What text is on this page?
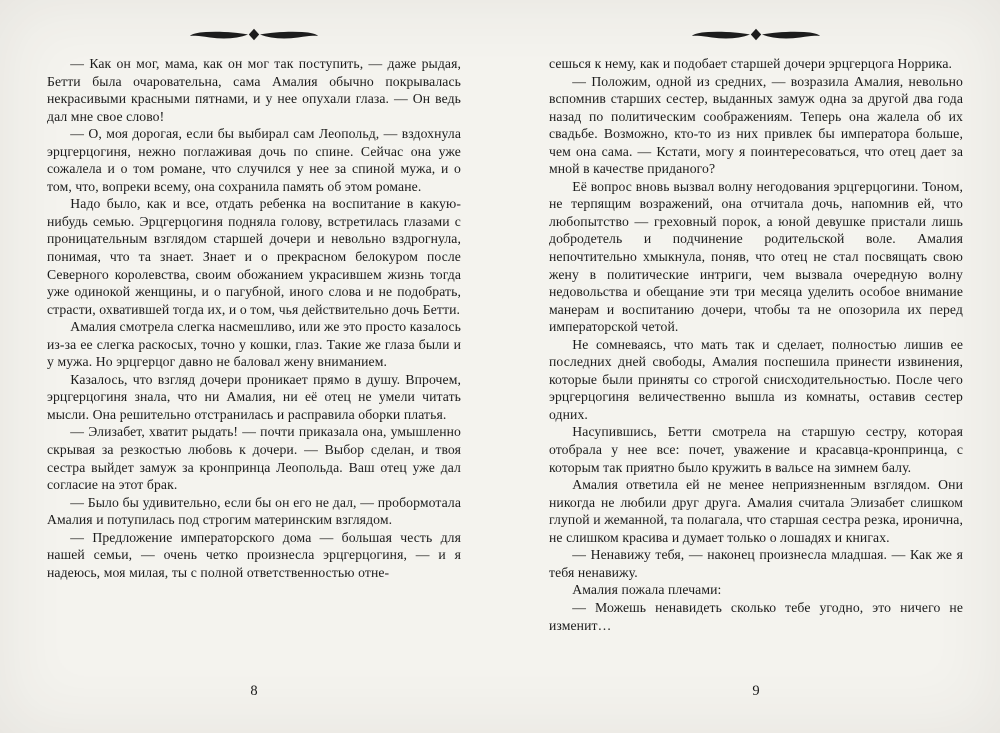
— Как он мог, мама, как он мог так поступить, — даже рыдая, Бетти была очаровательна, сама Амалия обычно покрывалась некрасивыми красными пятнами, и у нее опухали глаза. — Он ведь дал мне свое слово!

— О, моя дорогая, если бы выбирал сам Леопольд, — вздохнула эрцгерцогиня, нежно поглаживая дочь по спине. Сейчас она уже сожалела и о том романе, что случился у нее за спиной мужа, и о том, что, вопреки всему, она сохранила память об этом романе.

Надо было, как и все, отдать ребенка на воспитание в какую-нибудь семью. Эрцгерцогиня подняла голову, встретилась глазами с проницательным взглядом старшей дочери и невольно вздрогнула, понимая, что та знает. Знает и о прекрасном белокуром после Северного королевства, своим обожанием украсившем жизнь тогда уже одинокой женщины, и о пагубной, иного слова и не подобрать, страсти, охватившей тогда их, и о том, чья действительно дочь Бетти.

Амалия смотрела слегка насмешливо, или же это просто казалось из-за ее слегка раскосых, точно у кошки, глаз. Такие же глаза были и у мужа. Но эрцгерцог давно не баловал жену вниманием.

Казалось, что взгляд дочери проникает прямо в душу. Впрочем, эрцгерцогиня знала, что ни Амалия, ни её отец не умели читать мысли. Она решительно отстранилась и расправила оборки платья.

— Элизабет, хватит рыдать! — почти приказала она, умышленно скрывая за резкостью любовь к дочери. — Выбор сделан, и твоя сестра выйдет замуж за кронпринца Леопольда. Ваш отец уже дал согласие на этот брак.

— Было бы удивительно, если бы он его не дал, — пробормотала Амалия и потупилась под строгим материнским взглядом.

— Предложение императорского дома — большая честь для нашей семьи, — очень четко произнесла эрцгерцогиня, — и я надеюсь, моя милая, ты с полной ответственностью отне-

8

сешься к нему, как и подобает старшей дочери эрцгерцога Норрика.

— Положим, одной из средних, — возразила Амалия, невольно вспомнив старших сестер, выданных замуж одна за другой два года назад по политическим соображениям. Теперь она жалела об их свадьбе. Возможно, кто-то из них привлек бы императора больше, чем она сама. — Кстати, могу я поинтересоваться, что отец дает за мной в качестве приданого?

Её вопрос вновь вызвал волну негодования эрцгерцогини. Тоном, не терпящим возражений, она отчитала дочь, напомнив ей, что любопытство — греховный порок, а юной девушке пристали лишь добродетель и подчинение родительской воле. Амалия непочтительно хмыкнула, поняв, что отец не стал посвящать свою жену в политические интриги, чем вызвала очередную волну недовольства и обещание эти три месяца уделить особое внимание манерам и воспитанию дочери, чтобы та не опозорила их перед императорской четой.

Не сомневаясь, что мать так и сделает, полностью лишив ее последних дней свободы, Амалия поспешила принести извинения, которые были приняты со строгой снисходительностью. После чего эрцгерцогиня величественно вышла из комнаты, оставив сестер одних.

Насупившись, Бетти смотрела на старшую сестру, которая отобрала у нее все: почет, уважение и красавца-кронпринца, с которым так приятно было кружить в вальсе на зимнем балу.

Амалия ответила ей не менее неприязненным взглядом. Они никогда не любили друг друга. Амалия считала Элизабет слишком глупой и жеманной, та полагала, что старшая сестра резка, иронична, не слишком красива и думает только о лошадях и книгах.

— Ненавижу тебя, — наконец произнесла младшая. — Как же я тебя ненавижу.

Амалия пожала плечами:

— Можешь ненавидеть сколько тебе угодно, это ничего не изменит…

9
